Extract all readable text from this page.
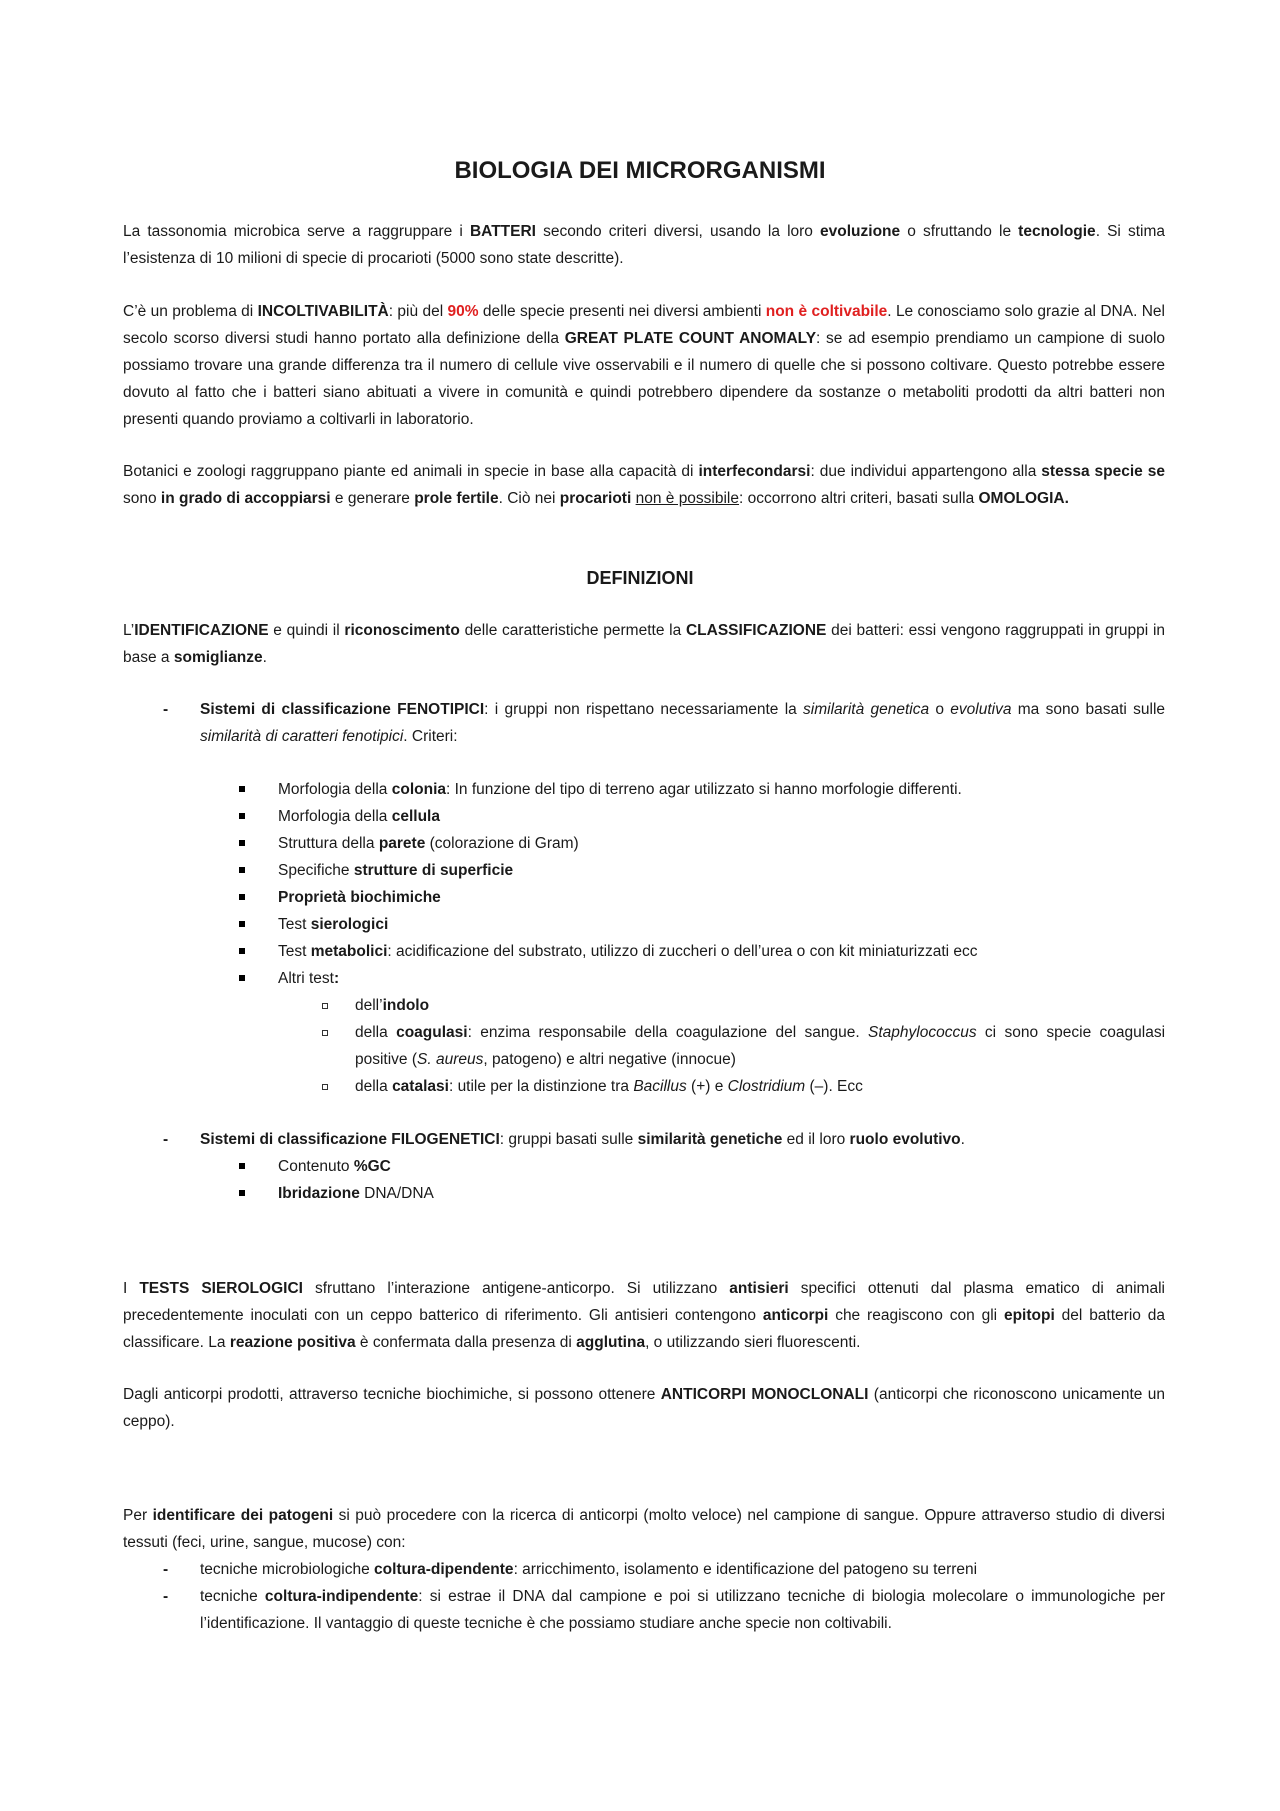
BIOLOGIA DEI MICRORGANISMI

La tassonomia microbica serve a raggruppare i BATTERI secondo criteri diversi, usando la loro evoluzione o sfruttando le tecnologie. Si stima l’esistenza di 10 milioni di specie di procarioti (5000 sono state descritte).

C’è un problema di INCOLTIVABILITÀ: più del 90% delle specie presenti nei diversi ambienti non è coltivabile. Le conosciamo solo grazie al DNA. Nel secolo scorso diversi studi hanno portato alla definizione della GREAT PLATE COUNT ANOMALY: se ad esempio prendiamo un campione di suolo possiamo trovare una grande differenza tra il numero di cellule vive osservabili e il numero di quelle che si possono coltivare. Questo potrebbe essere dovuto al fatto che i batteri siano abituati a vivere in comunità e quindi potrebbero dipendere da sostanze o metaboliti prodotti da altri batteri non presenti quando proviamo a coltivarli in laboratorio.

Botanici e zoologi raggruppano piante ed animali in specie in base alla capacità di interfecondarsi: due individui appartengono alla stessa specie se sono in grado di accoppiarsi e generare prole fertile. Ciò nei procarioti non è possibile: occorrono altri criteri, basati sulla OMOLOGIA.

DEFINIZIONI

L’IDENTIFICAZIONE e quindi il riconoscimento delle caratteristiche permette la CLASSIFICAZIONE dei batteri: essi vengono raggruppati in gruppi in base a somiglianze.

- Sistemi di classificazione FENOTIPICI: i gruppi non rispettano necessariamente la similarità genetica o evolutiva ma sono basati sulle similarità di caratteri fenotipici. Criteri:

Morfologia della colonia: In funzione del tipo di terreno agar utilizzato si hanno morfologie differenti.
Morfologia della cellula
Struttura della parete (colorazione di Gram)
Specifiche strutture di superficie
Proprietà biochimiche
Test sierologici
Test metabolici: acidificazione del substrato, utilizzo di zuccheri o dell’urea o con kit miniaturizzati ecc
Altri test:
dell’indolo

della coagulasi: enzima responsabile della coagulazione del sangue. Staphylococcus ci sono specie coagulasi positive (S. aureus, patogeno) e altri negative (innocue)

della catalasi: utile per la distinzione tra Bacillus (+) e Clostridium (–). Ecc
- Sistemi di classificazione FILOGENETICI: gruppi basati sulle similarità genetiche ed il loro ruolo evolutivo.

Contenuto %GC
Ibridazione DNA/DNA

I TESTS SIEROLOGICI sfruttano l’interazione antigene-anticorpo. Si utilizzano antisieri specifici ottenuti dal plasma ematico di animali precedentemente inoculati con un ceppo batterico di riferimento. Gli antisieri contengono anticorpi che reagiscono con gli epitopi del batterio da classificare. La reazione positiva è confermata dalla presenza di agglutina, o utilizzando sieri fluorescenti.

Dagli anticorpi prodotti, attraverso tecniche biochimiche, si possono ottenere ANTICORPI MONOCLONALI (anticorpi che riconoscono unicamente un ceppo).

Per identificare dei patogeni si può procedere con la ricerca di anticorpi (molto veloce) nel campione di sangue. Oppure attraverso studio di diversi tessuti (feci, urine, sangue, mucose) con:

- tecniche microbiologiche coltura-dipendente: arricchimento, isolamento e identificazione del patogeno su terreni

- tecniche coltura-indipendente: si estrae il DNA dal campione e poi si utilizzano tecniche di biologia molecolare o immunologiche per l’identificazione. Il vantaggio di queste tecniche è che possiamo studiare anche specie non coltivabili.
